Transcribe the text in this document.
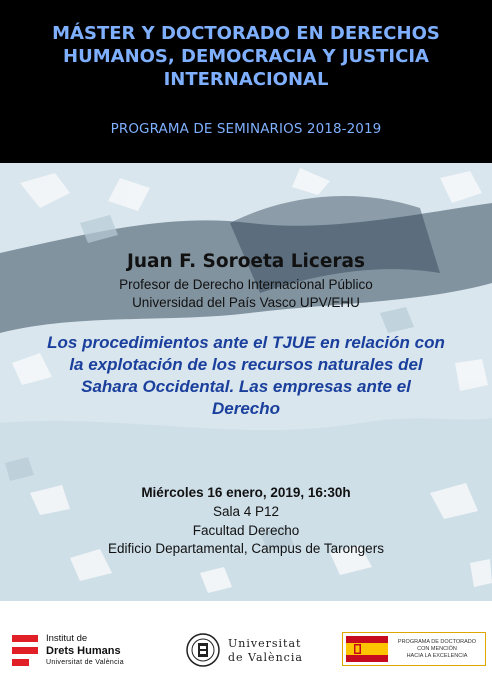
MÁSTER Y DOCTORADO EN DERECHOS
HUMANOS, DEMOCRACIA Y JUSTICIA
INTERNACIONAL

PROGRAMA DE SEMINARIOS 2018-2019

Juan F. Soroeta Liceras

Profesor de Derecho Internacional Público

Universidad del País Vasco UPV/EHU

Los procedimientos ante el TJUE en relación con
la explotación de los recursos naturales del
Sahara Occidental. Las empresas ante el
Derecho

Miércoles 16 enero, 2019, 16:30h

Sala 4 P12

Facultad Derecho

Edificio Departamental, Campus de Tarongers

Institut de
Drets Humans
Universitat de València
Universitat
de València
PROGRAMA DE DOCTORADO
CON MENCIÓN
HACIA LA EXCELENCIA
